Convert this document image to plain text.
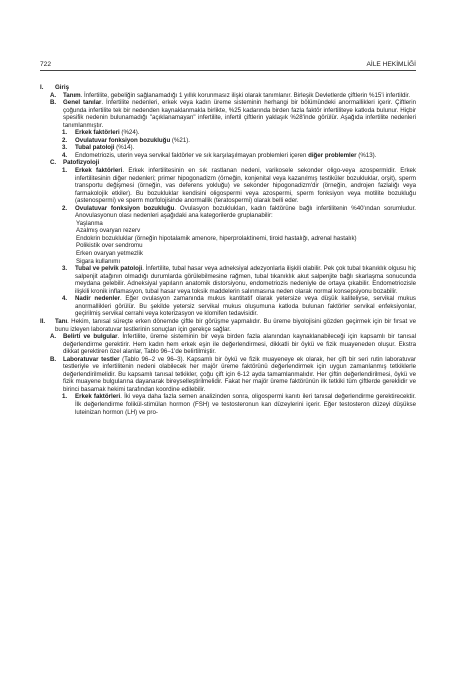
722	AİLE HEKİMLİĞİ
I.	Giriş
A.	Tanım. İnfertilite, gebeliğin sağlanamadığı 1 yıllık korunmasız ilişki olarak tanımlanır. Birleşik Devletlerde çiftlerin %15'i infertildir.
B.	Genel tanılar. İnfertilite nedenleri, erkek veya kadın üreme sisteminin herhangi bir bölümündeki anormallikleri içerir. Çiftlerin çoğunda infertilite tek bir nedenden kaynaklanmakla birlikte, %25 kadarında birden fazla faktör infertiliteye katkıda bulunur. Hiçbir spesifik nedenin bulunamadığı "açıklanamayan" infertilite, infertil çiftlerin yaklaşık %28'inde görülür. Aşağıda infertilite nedenleri tanımlanmıştır.
1.	Erkek faktörleri (%24).
2.	Ovulatuvar fonksiyon bozukluğu (%21).
3.	Tubal patoloji (%14).
4.	Endometriozis, uterin veya servikal faktörler ve sık karşılaşılmayan problemleri içeren diğer problemler (%13).
C.	Patofizyoloji
1.	Erkek faktörleri. Erkek infertilitesinin en sık rastlanan nedeni, varikosele sekonder oligo-veya azospermidir. Erkek infertilitesinin diğer nedenleri; primer hipogonadizm (örneğin, konjenital veya kazanılmış testiküler bozukluklar, orşit), sperm transportu değişmesi (örneğin, vas deferens yokluğu) ve sekonder hipogonadizm'dir (örneğin, androjen fazlalığı veya farmakolojik etkiler). Bu bozukluklar kendisini oligospermi veya azospermi, sperm fonksiyon veya motilite bozukluğu (astenospermi) ve sperm morfolojisinde anormallik (teratospermi) olarak belli eder.
2.	Ovulatuvar fonksiyon bozukluğu. Ovulasyon bozuklukları, kadın faktörüne bağlı infertilitenin %40'ından sorumludur. Anovulasyonun olası nedenleri aşağıdaki ana kategorilerde gruplanabilir:
Yaşlanma
Azalmış ovaryan rezerv
Endokrin bozukluklar (örneğin hipotalamik amenore, hiperprolaktinemi, tiroid hastalığı, adrenal hastalık)
Polikistik over sendromu
Erken ovaryan yetmezlik
Sigara kullanımı
3.	Tubal ve pelvik patoloji. İnfertilite, tubal hasar veya adneksiyal adezyonlarla ilişkili olabilir. Pek çok tubal tıkanıklık olgusu hiç salpenjit atağının olmadığı durumlarda görülebilmesine rağmen, tubal tıkanıklık akut salpenjite bağlı skarlaşma sonucunda meydana gelebilir. Adneksiyal yapıların anatomik distorsiyonu, endometriozis nedeniyle de ortaya çıkabilir. Endometriozisle ilişkili kronik inflamasyon, tubal hasar veya toksik maddelerin salınmasına neden olarak normal konsepsiyonu bozabilir.
4.	Nadir nedenler. Eğer ovulasyon zamanında mukus kantitatif olarak yetersize veya düşük kaliteliyse, servikal mukus anormallikleri görülür. Bu şekilde yetersiz servikal mukus oluşumuna katkıda bulunan faktörler servikal enfeksiyonlar, geçirilmiş servikal cerrahi veya koterizasyon ve klomifen tedavisidir.
II.	Tanı. Hekim, tanısal süreçte erken dönemde çiftle bir görüşme yapmalıdır. Bu üreme biyolojisini gözden geçirmek için bir fırsat ve bunu izleyen laboratuvar testlerinin sonuçları için gerekçe sağlar.
A.	Belirti ve bulgular. İnfertilite, üreme sisteminin bir veya birden fazla alanından kaynaklanabileceği için kapsamlı bir tanısal değerlendirme gerektirir. Hem kadın hem erkek eşin ile değerlendirmesi, dikkatli bir öykü ve fizik muayeneden oluşur. Ekstra dikkat gerektiren özel alanlar, Tablo 96–1'de belirtilmiştir.
B.	Laboratuvar testler (Tablo 96–2 ve 96–3). Kapsamlı bir öykü ve fizik muayeneye ek olarak, her çift bir seri rutin laboratuvar testleriyle ve infertilitenin nedeni olabilecek her majör üreme faktörünü değerlendirmek için uygun zamanlanmış tetkiklerle değerlendirilmelidir. Bu kapsamlı tanısal tetkikler, çoğu çift için 6-12 ayda tamamlanmalıdır. Her çiftin değerlendirilmesi, öykü ve fizik muayene bulgularına dayanarak bireyselleştirilmelidir. Fakat her majör üreme faktörünün ilk tetkiki tüm çiftlerde gereklidir ve birinci basamak hekimi tarafından koordine edilebilir.
1.	Erkek faktörleri. İki veya daha fazla semen analizinden sonra, oligospermi kanıtı ileri tanısal değerlendirme gerektirecektir. İlk değerlendirme folikül-stimülan hormon (FSH) ve testosteronun kan düzeylerini içerir. Eğer testosteron düzeyi düşükse luteinizan hormon (LH) ve pro-
